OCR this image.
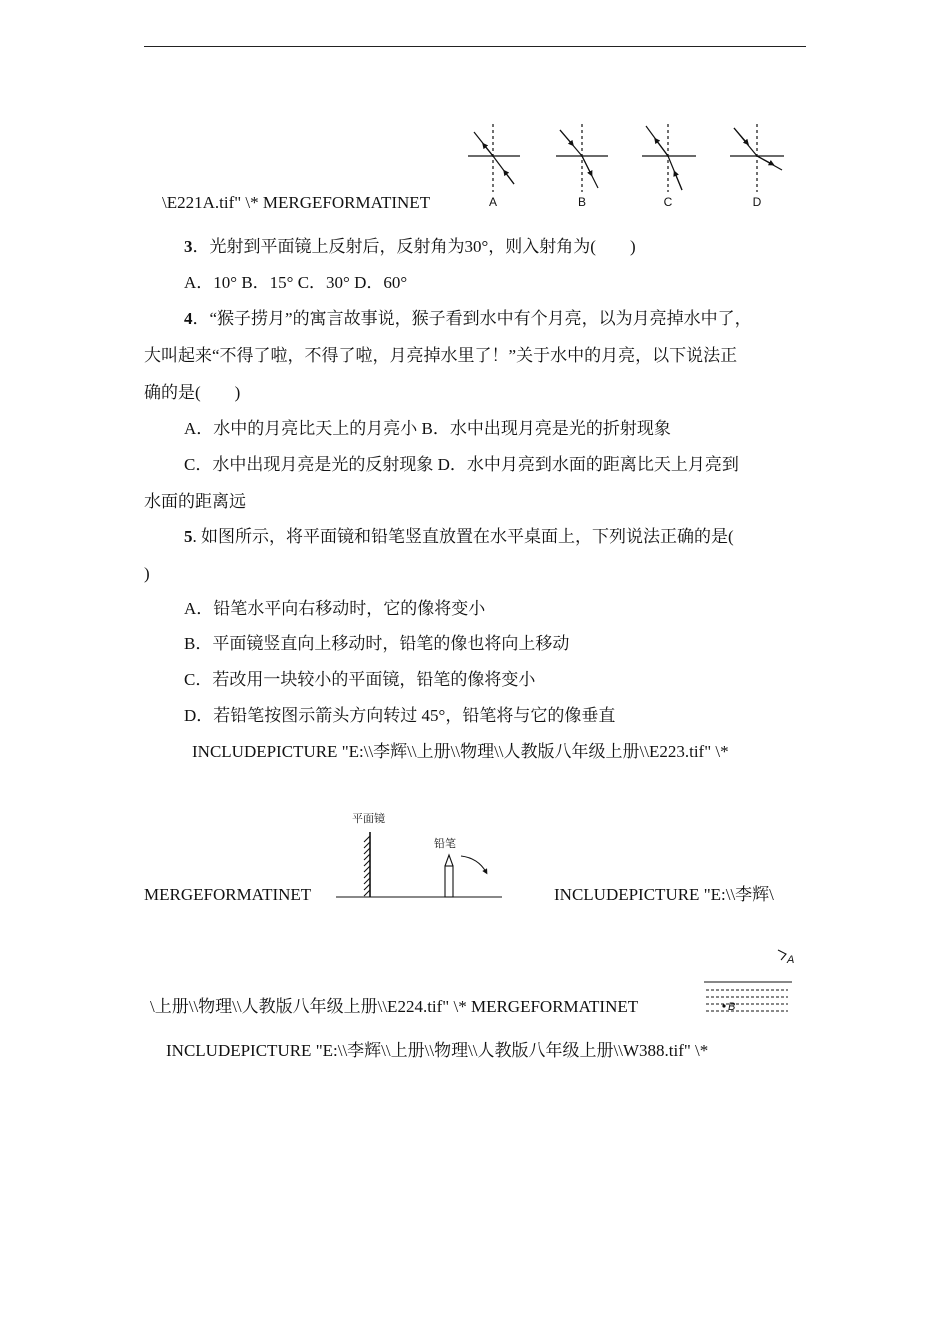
A	B	C	D
\E221A.tif" \* MERGEFORMATINET
3．光射到平面镜上反射后，反射角为30°，则入射角为(　　)
A．10° B．15° C．30° D．60°
4．“猴子捞月”的寓言故事说，猴子看到水中有个月亮，以为月亮掉水中了，
大叫起来“不得了啦，不得了啦，月亮掉水里了！”关于水中的月亮，以下说法正
确的是(　　)
A．水中的月亮比天上的月亮小 B．水中出现月亮是光的折射现象
C．水中出现月亮是光的反射现象 D．水中月亮到水面的距离比天上月亮到
水面的距离远
5. 如图所示，将平面镜和铅笔竖直放置在水平桌面上，下列说法正确的是(
)
A．铅笔水平向右移动时，它的像将变小
B．平面镜竖直向上移动时，铅笔的像也将向上移动
C．若改用一块较小的平面镜，铅笔的像将变小
D．若铅笔按图示箭头方向转过 45°，铅笔将与它的像垂直
INCLUDEPICTURE "E:\\李辉\\上册\\物理\\人教版八年级上册\\E223.tif" \*
平面镜
铅笔
MERGEFORMATINET	INCLUDEPICTURE "E:\\李辉\
A
B
\上册\\物理\\人教版八年级上册\\E224.tif" \* MERGEFORMATINET
INCLUDEPICTURE "E:\\李辉\\上册\\物理\\人教版八年级上册\\W388.tif" \*
